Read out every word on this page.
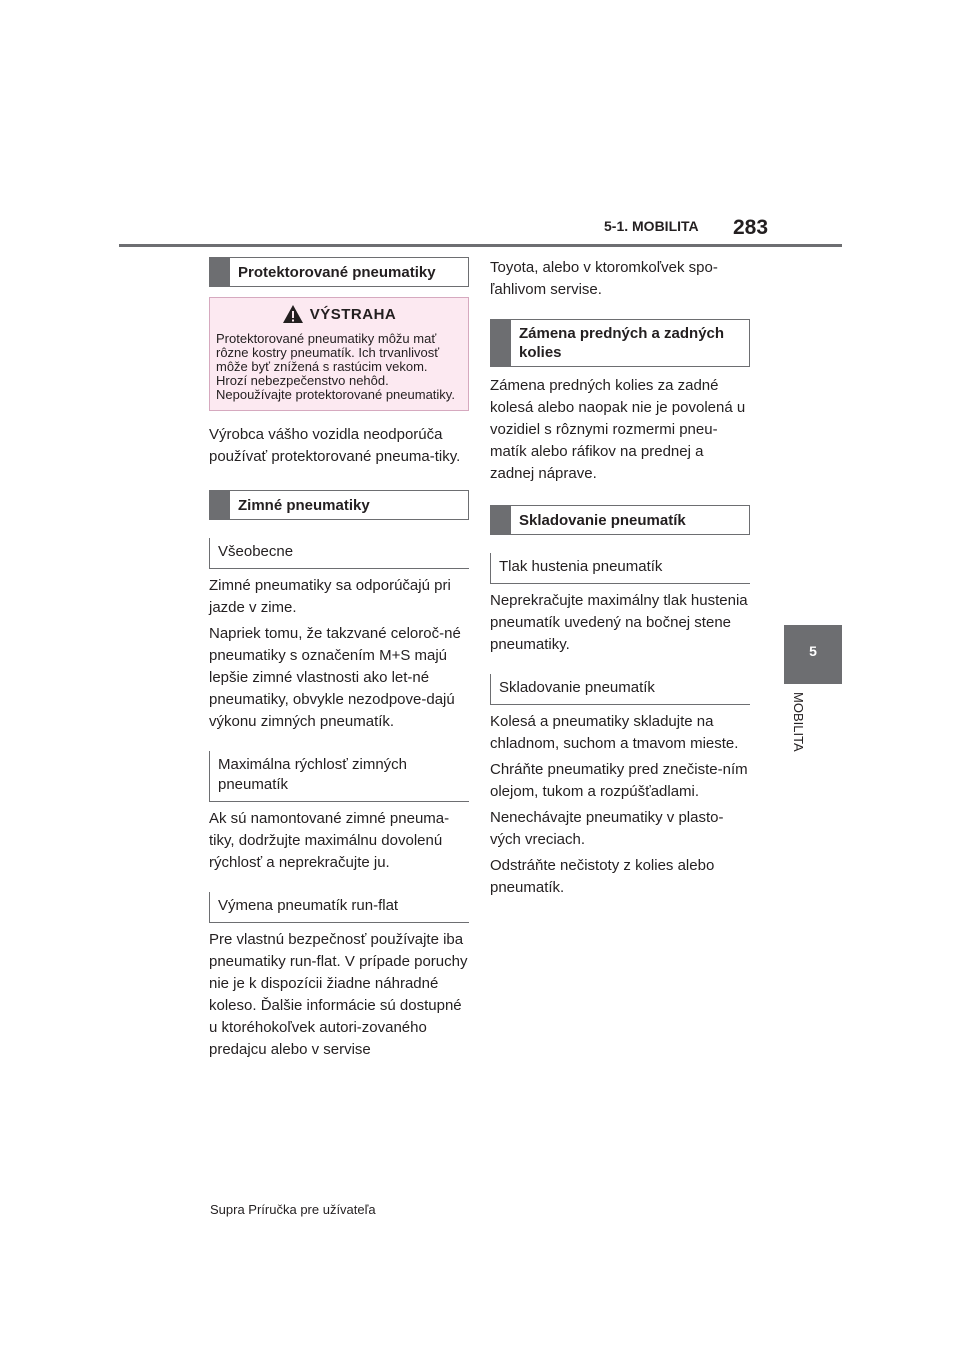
5-1. MOBILITA 283
5
MOBILITA
Protektorované pneumatiky
VÝSTRAHA
Protektorované pneumatiky môžu mať rôzne kostry pneumatík. Ich trvanlivosť môže byť znížená s rastúcim vekom. Hrozí nebezpečenstvo nehôd. Nepoužívajte protektorované pneumatiky.

Výrobca vášho vozidla neodporúča používať protektorované pneuma-tiky.

Zimné pneumatiky
Všeobecne

Zimné pneumatiky sa odporúčajú pri jazde v zime.

Napriek tomu, že takzvané celoroč-né pneumatiky s označením M+S majú lepšie zimné vlastnosti ako let-né pneumatiky, obvykle nezodpove-dajú výkonu zimných pneumatík.

Maximálna rýchlosť zimných pneumatík

Ak sú namontované zimné pneuma-tiky, dodržujte maximálnu dovolenú rýchlosť a neprekračujte ju.

Výmena pneumatík run-flat

Pre vlastnú bezpečnosť používajte iba pneumatiky run-flat. V prípade poruchy nie je k dispozícii žiadne náhradné koleso. Ďalšie informácie sú dostupné u ktoréhokoľvek autori-zovaného predajcu alebo v servise

Toyota, alebo v ktoromkoľvek spo-ľahlivom servise.

Zámena predných a zadných kolies

Zámena predných kolies za zadné kolesá alebo naopak nie je povolená u vozidiel s rôznymi rozmermi pneu-matík alebo ráfikov na prednej a zadnej náprave.

Skladovanie pneumatík
Tlak hustenia pneumatík

Neprekračujte maximálny tlak hustenia pneumatík uvedený na bočnej stene pneumatiky.

Skladovanie pneumatík

Kolesá a pneumatiky skladujte na chladnom, suchom a tmavom mieste.

Chráňte pneumatiky pred znečiste-ním olejom, tukom a rozpúšťadlami.

Nenechávajte pneumatiky v plasto-vých vreciach.

Odstráňte nečistoty z kolies alebo pneumatík.

Supra Príručka pre užívateľa
